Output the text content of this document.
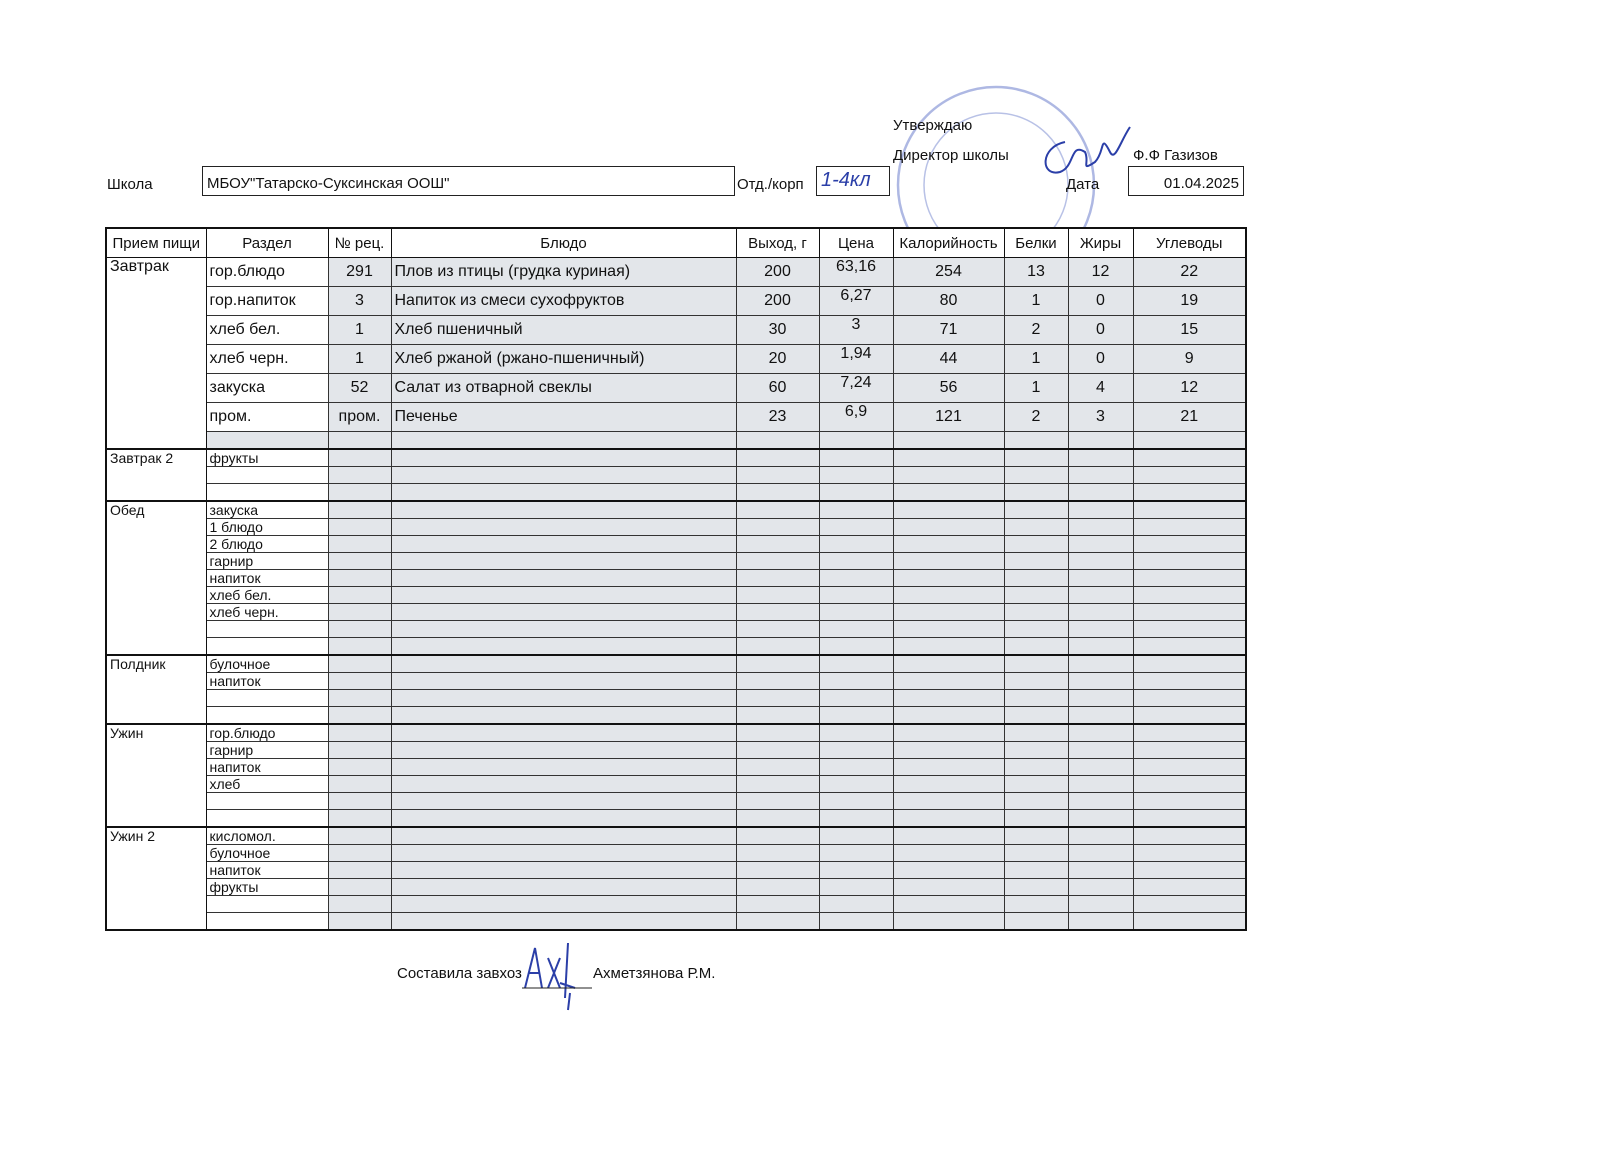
Утверждаю
Директор школы	Ф.Ф Газизов
Школа	МБОУ"Татарско-Суксинская ООШ"	Отд./корп 1-4кл	Дата	01.04.2025
Прием пищи	Раздел	№ рец.	Блюдо	Выход, г	Цена	Калорийность	Белки	Жиры	Углеводы
Завтрак	гор.блюдо	291	Плов из птицы (грудка куриная)	200	63,16	254	13	12	22
	гор.напиток	3	Напиток из смеси сухофруктов	200	6,27	80	1	0	19
	хлеб бел.	1	Хлеб пшеничный	30	3	71	2	0	15
	хлеб черн.	1	Хлеб ржаной (ржано-пшеничный)	20	1,94	44	1	0	9
	закуска	52	Салат из отварной свеклы	60	7,24	56	1	4	12
	пром.	пром.	Печенье	23	6,9	121	2	3	21

Завтрак 2	фрукты								

Обед	закуска								
	1 блюдо								
	2 блюдо								
	гарнир								
	напиток								
	хлеб бел.								
	хлеб черн.								

Полдник	булочное								
	напиток								

Ужин	гор.блюдо								
	гарнир								
	напиток								
	хлеб								

Ужин 2	кисломол.								
	булочное								
	напиток								
	фрукты								

Составила завхоз	Ахметзянова Р.М.
